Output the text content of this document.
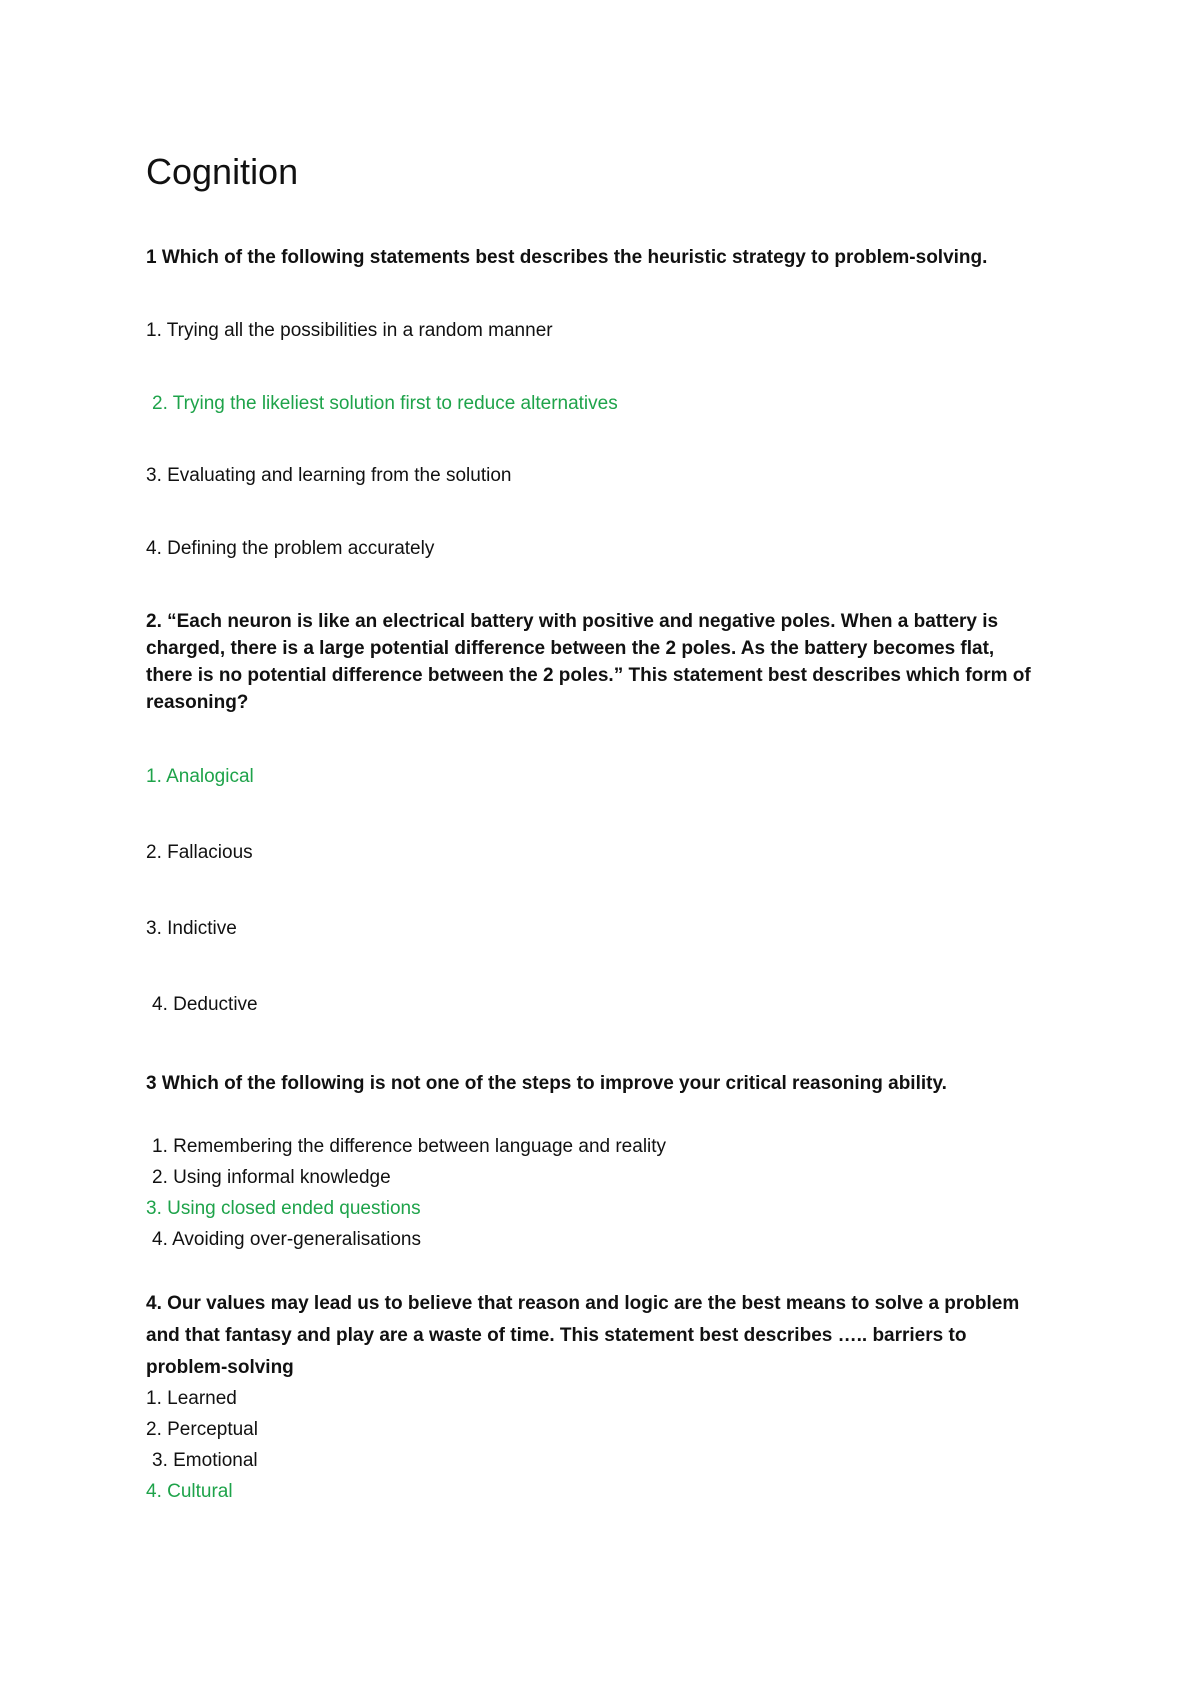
Cognition
1 Which of the following statements best describes the heuristic strategy to problem-solving.
1. Trying all the possibilities in a random manner
2. Trying the likeliest solution first to reduce alternatives
3. Evaluating and learning from the solution
4. Defining the problem accurately
2. “Each neuron is like an electrical battery with positive and negative poles. When a battery is
charged, there is a large potential difference between the 2 poles. As the battery becomes flat,
there is no potential difference between the 2 poles.” This statement best describes which form of
reasoning?
1. Analogical
2. Fallacious
3. Indictive
4. Deductive
3 Which of the following is not one of the steps to improve your critical reasoning ability.
1. Remembering the difference between language and reality
2. Using informal knowledge
3. Using closed ended questions
4. Avoiding over-generalisations
4. Our values may lead us to believe that reason and logic are the best means to solve a problem
and that fantasy and play are a waste of time. This statement best describes ….. barriers to
problem-solving
1. Learned
2. Perceptual
3. Emotional
4. Cultural
